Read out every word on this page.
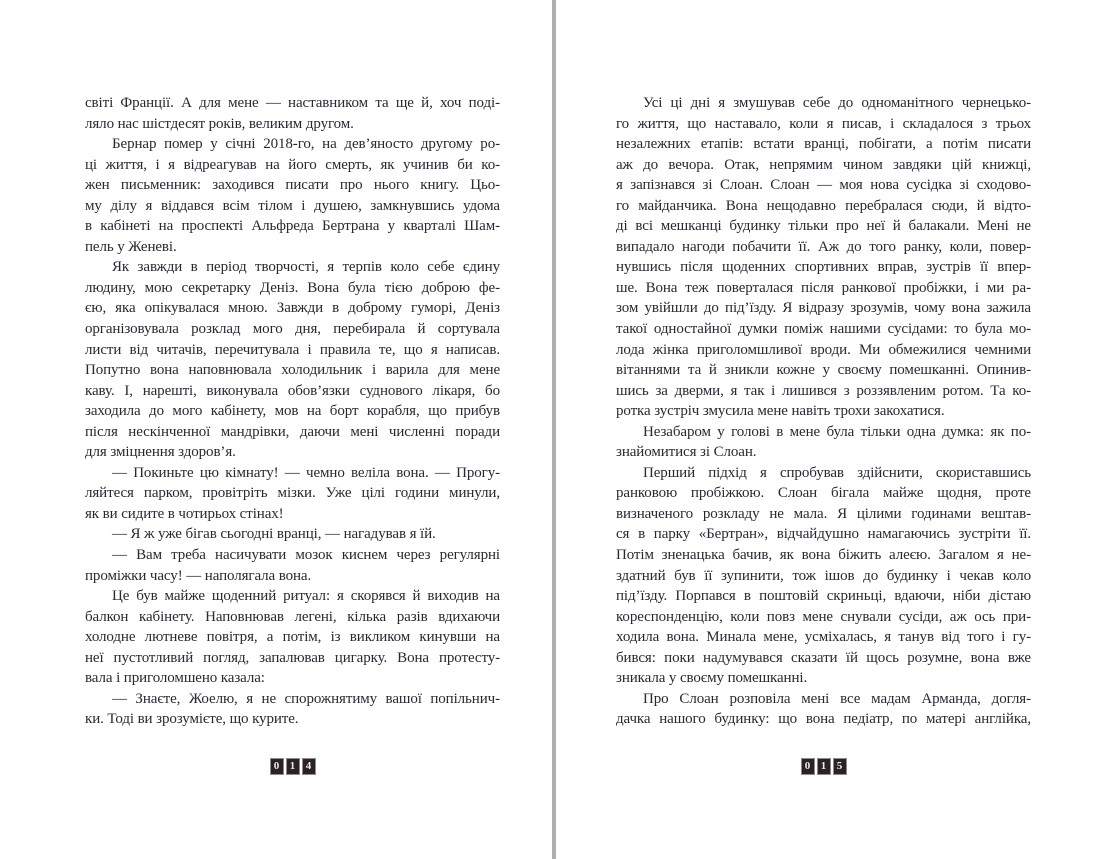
світі Франції. А для мене — наставником та ще й, хоч поді-
ляло нас шістдесят років, великим другом.
Бернар помер у січні 2018-го, на дев’яносто другому ро-
ці життя, і я відреагував на його смерть, як учинив би ко-
жен письменник: заходився писати про нього книгу. Цьо-
му ділу я віддався всім тілом і душею, замкнувшись удома
в кабінеті на проспекті Альфреда Бертрана у кварталі Шам-
пель у Женеві.
Як завжди в період творчості, я терпів коло себе єдину
людину, мою секретарку Деніз. Вона була тією доброю фе-
єю, яка опікувалася мною. Завжди в доброму гуморі, Деніз
організовувала розклад мого дня, перебирала й сортувала
листи від читачів, перечитувала і правила те, що я написав.
Попутно вона наповнювала холодильник і варила для мене
каву. І, нарешті, виконувала обов’язки суднового лікаря, бо
заходила до мого кабінету, мов на борт корабля, що прибув
після нескінченної мандрівки, даючи мені численні поради
для зміцнення здоров’я.
— Покиньте цю кімнату! — чемно веліла вона. — Прогу-
ляйтеся парком, провітріть мізки. Уже цілі години минули,
як ви сидите в чотирьох стінах!
— Я ж уже бігав сьогодні вранці, — нагадував я їй.
— Вам треба насичувати мозок киснем через регулярні
проміжки часу! — наполягала вона.
Це був майже щоденний ритуал: я скорявся й виходив на
балкон кабінету. Наповнював легені, кілька разів вдихаючи
холодне лютневе повітря, а потім, із викликом кинувши на
неї пустотливий погляд, запалював цигарку. Вона протесту-
вала і приголомшено казала:
— Знаєте, Жоелю, я не спорожнятиму вашої попільнич-
ки. Тоді ви зрозумієте, що курите.
0 1 4
Усі ці дні я змушував себе до одноманітного чернецько-
го життя, що наставало, коли я писав, і складалося з трьох
незалежних етапів: встати вранці, побігати, а потім писати
аж до вечора. Отак, непрямим чином завдяки цій книжці,
я запізнався зі Слоан. Слоан — моя нова сусідка зі сходово-
го майданчика. Вона нещодавно перебралася сюди, й відто-
ді всі мешканці будинку тільки про неї й балакали. Мені не
випадало нагоди побачити її. Аж до того ранку, коли, повер-
нувшись після щоденних спортивних вправ, зустрів її впер-
ше. Вона теж поверталася після ранкової пробіжки, і ми ра-
зом увійшли до під’їзду. Я відразу зрозумів, чому вона зажила
такої одностайної думки поміж нашими сусідами: то була мо-
лода жінка приголомшливої вроди. Ми обмежилися чемними
вітаннями та й зникли кожне у своєму помешканні. Опинив-
шись за дверми, я так і лишився з роззявленим ротом. Та ко-
ротка зустріч змусила мене навіть трохи закохатися.
Незабаром у голові в мене була тільки одна думка: як по-
знайомитися зі Слоан.
Перший підхід я спробував здійснити, скориставшись
ранковою пробіжкою. Слоан бігала майже щодня, проте
визначеного розкладу не мала. Я цілими годинами вештав-
ся в парку «Бертран», відчайдушно намагаючись зустріти її.
Потім зненацька бачив, як вона біжить алеєю. Загалом я не-
здатний був її зупинити, тож ішов до будинку і чекав коло
під’їзду. Порпався в поштовій скриньці, вдаючи, ніби дістаю
кореспонденцію, коли повз мене снували сусіди, аж ось при-
ходила вона. Минала мене, усміхалась, я танув від того і гу-
бився: поки надумувався сказати їй щось розумне, вона вже
зникала у своєму помешканні.
Про Слоан розповіла мені все мадам Арманда, догля-
дачка нашого будинку: що вона педіатр, по матері англійка,
0 1 5
